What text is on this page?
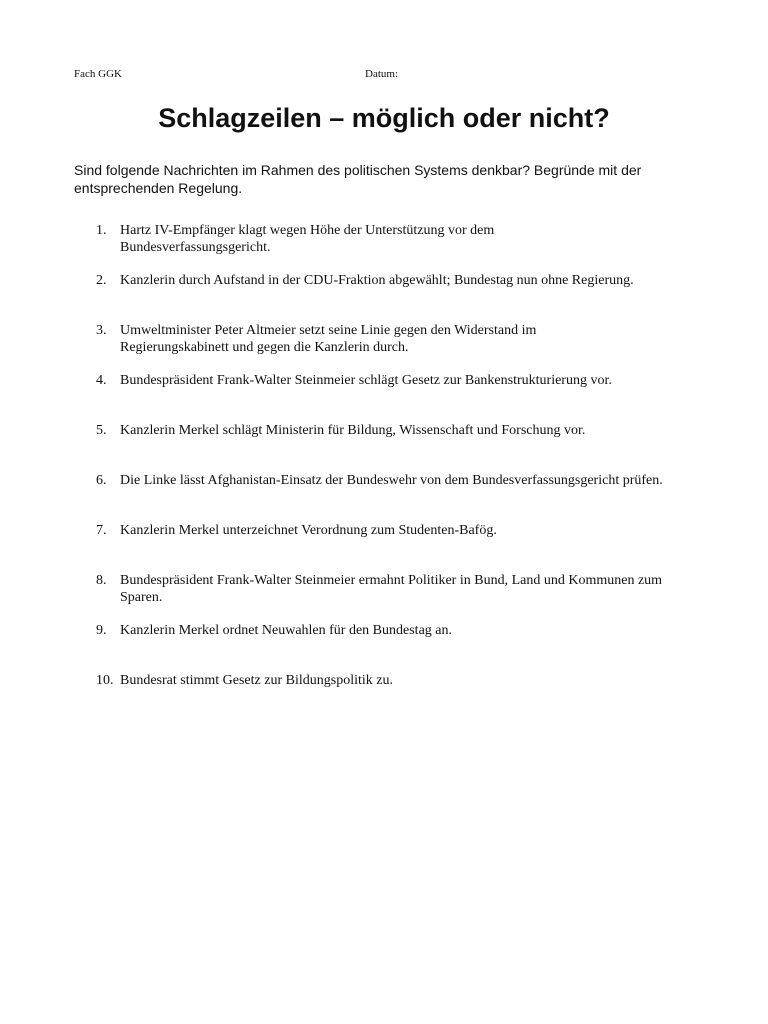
Fach GGK	Datum:
Schlagzeilen – möglich oder nicht?

Sind folgende Nachrichten im Rahmen des politischen Systems denkbar? Begründe mit der entsprechenden Regelung.

1. Hartz IV-Empfänger klagt wegen Höhe der Unterstützung vor dem Bundesverfassungsgericht.
2. Kanzlerin durch Aufstand in der CDU-Fraktion abgewählt; Bundestag nun ohne Regierung.
3. Umweltminister Peter Altmeier setzt seine Linie gegen den Widerstand im Regierungskabinett und gegen die Kanzlerin durch.
4. Bundespräsident Frank-Walter Steinmeier schlägt Gesetz zur Bankenstrukturierung vor.
5. Kanzlerin Merkel schlägt Ministerin für Bildung, Wissenschaft und Forschung vor.
6. Die Linke lässt Afghanistan-Einsatz der Bundeswehr von dem Bundesverfassungsgericht prüfen.
7. Kanzlerin Merkel unterzeichnet Verordnung zum Studenten-Bafög.
8. Bundespräsident Frank-Walter Steinmeier ermahnt Politiker in Bund, Land und Kommunen zum Sparen.
9. Kanzlerin Merkel ordnet Neuwahlen für den Bundestag an.
10. Bundesrat stimmt Gesetz zur Bildungspolitik zu.
